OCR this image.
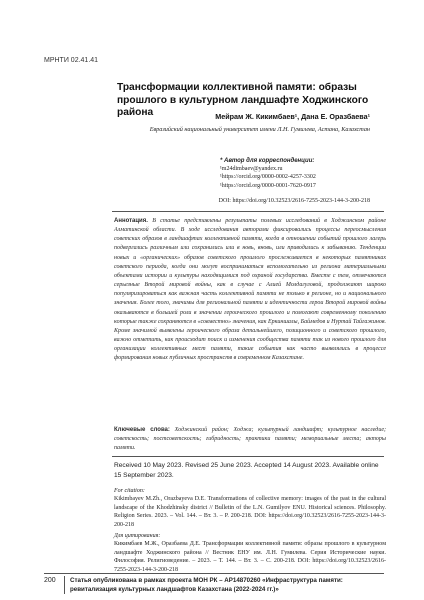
МРНТИ 02.41.41
Трансформации коллективной памяти: образы прошлого в культурном ландшафте Ходжинского района	Мейрам Ж. Кикимбаев¹, Дана Е. Оразбаева¹
Евразийский национальный университет имени Л.Н. Гумилева, Астана, Казахстан
* Автор для корреспонденции:
¹m24dimbaev@yandex.ru
¹https://orcid.org/0000-0002-4257-3302
¹https://orcid.org/0000-0001-7620-0917
DOI: https://doi.org/10.32523/2616-7255-2023-144-3-200-218
Аннотация. В статье представлены результаты полевых исследований в Ходжинском районе Алматинской области. В ходе исследования авторами фиксировались процессы переосмысления советских образов в ландшафтах коллективной памяти, когда в отношении событий прошлого лагерь подвергались различным или сохранились или в новь, вновь, или приводились к забыванию. Тенденции новых и «органических» образов советского прошлого прослеживается в некоторых памятниках советского периода, когда они могут восприниматься вспомогательно из региона материальными объектами истории и культуры находящимися под охраной государства. Вместе с тем, отмечаются серьезные Второй мировой войны, как в случае с Алией Молдагуловой, продолжают широко популяризироваться как важная часть коллективной памяти не только в регионе, но и национального значения. Более того, значимы для региональной памяти и идентичности герои Второй мировой войны оказываются в большей роли в значении героического прошлого и помогают современному поколению которые также сохраняются в «совместно» значения, как Еркиншалы, Баймедов и Нуртай Тайгажинов. Кроме значимой выявлены героического образа детальнейшего, позиционного и советского прошлого, важно отметить, как происходит поиск и изменения сообщества памяти так из нового прошлого для организации коллективных мест памяти, такие события как часто выявлялись в процессе формирования новых публичных пространств в современном Казахстане.
Ключевые слова: Ходжинский район; Ходжа; культурный ландшафт; культурное наследие; советскость; постсоветскость; гибридность; практики памяти; мемориальные места; акторы памяти.
Received 10 May 2023. Revised 25 June 2023. Accepted 14 August 2023. Available online 15 September 2023.
For citation:
Kikimbayev M.Zh., Orazbayeva D.E. Transformations of collective memory: images of the past in the cultural landscape of the Khodzhinsky district // Bulletin of the L.N. Gumilyov ENU. Historical sciences. Philosophy. Religion Series. 2023. – Vol. 144. – Вт. 3. – P. 200-218. DOI: https://doi.org/10.32523/2616-7255-2023-144-3-200-218
Для цитирования:
Кикимбаев М.Ж., Оразбаева Д.Е. Трансформации коллективной памяти: образы прошлого в культурном ландшафте Ходжинского района // Вестник ЕНУ им. Л.Н. Гумилева. Серия Исторические науки. Философия. Религиоведение. – 2023. – Т. 144. – Вт. 3. – С. 200-218. DOI: https://doi.org/10.32523/2616-7255-2023-144-3-200-218
200 Статья опубликована в рамках проекта МОН РК – АР14870260 «Инфраструктура памяти: ревитализация культурных ландшафтов Казахстана (2022-2024 гг.)»
